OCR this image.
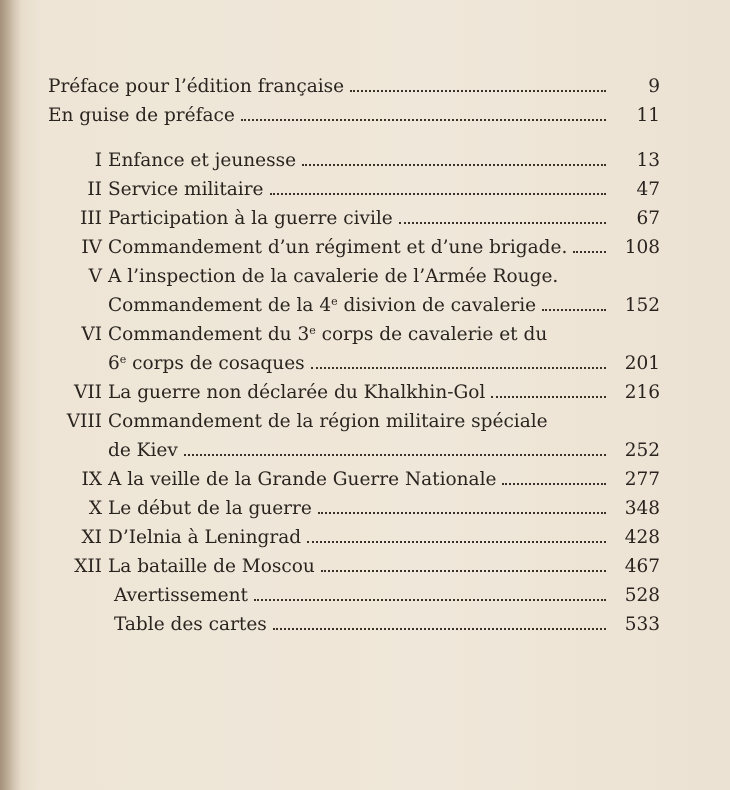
Préface pour l’édition française	9
En guise de préface	11
I Enfance et jeunesse	13
II Service militaire	47
III Participation à la guerre civile	67
IV Commandement d’un régiment et d’une brigade.	108
V A l’inspection de la cavalerie de l’Armée Rouge.
Commandement de la 4e disivion de cavalerie	152
VI Commandement du 3e corps de cavalerie et du
6e corps de cosaques	201
VII La guerre non déclarée du Khalkhin-Gol	216
VIII Commandement de la région militaire spéciale
de Kiev	252
IX A la veille de la Grande Guerre Nationale	277
X Le début de la guerre	348
XI D’Ielnia à Leningrad	428
XII La bataille de Moscou	467
Avertissement	528
Table des cartes	533
